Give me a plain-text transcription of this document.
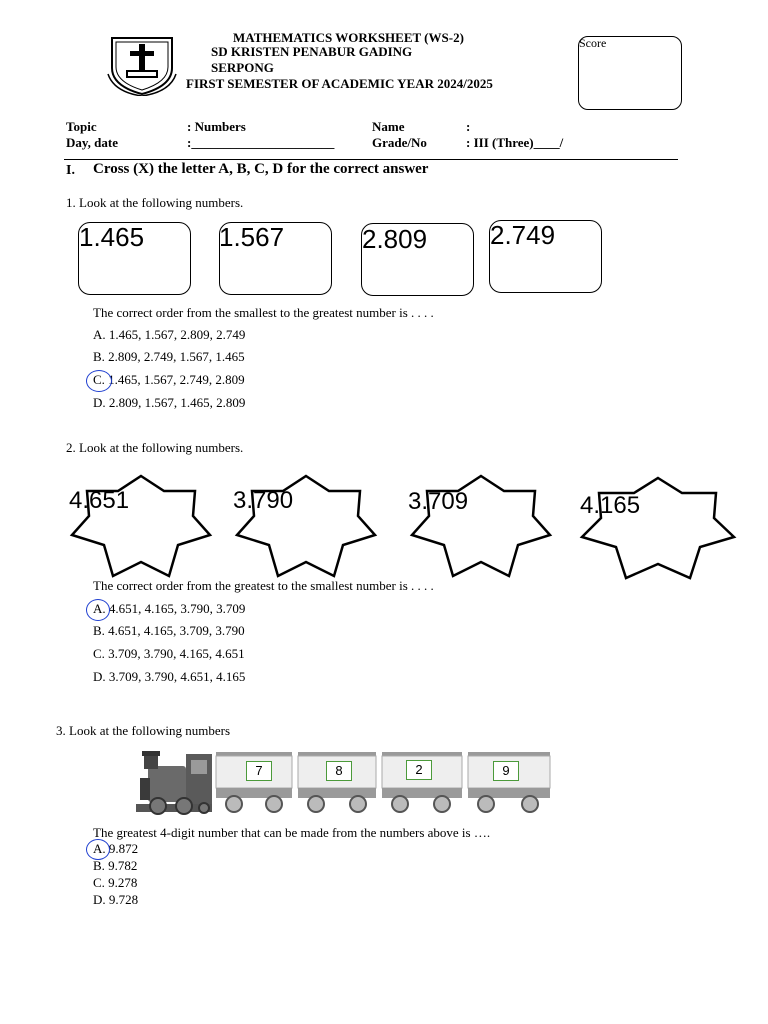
MATHEMATICS WORKSHEET (WS-2)
SD KRISTEN PENABUR GADING
SERPONG
FIRST SEMESTER OF ACADEMIC YEAR 2024/2025
Score
Topic	: Numbers	Name	:
Day, date	:______________________	Grade/No	: III (Three)____/
I. Cross (X) the letter A, B, C, D for the correct answer
1. Look at the following numbers.
1.465	1.567	2.809 2.749
The correct order from the smallest to the greatest number is . . . .
A. 1.465, 1.567, 2.809, 2.749
B. 2.809, 2.749, 1.567, 1.465
C. 1.465, 1.567, 2.749, 2.809
D. 2.809, 1.567, 1.465, 2.809
2. Look at the following numbers.
4.651	3.790	3.709	4.165
The correct order from the greatest to the smallest number is . . . .
A. 4.651, 4.165, 3.790, 3.709
B. 4.651, 4.165, 3.709, 3.790
C. 3.709, 3.790, 4.165, 4.651
D. 3.709, 3.790, 4.651, 4.165
3. Look at the following numbers
7	8	2	9
The greatest 4-digit number that can be made from the numbers above is ….
A. 9.872
B. 9.782
C. 9.278
D. 9.728
